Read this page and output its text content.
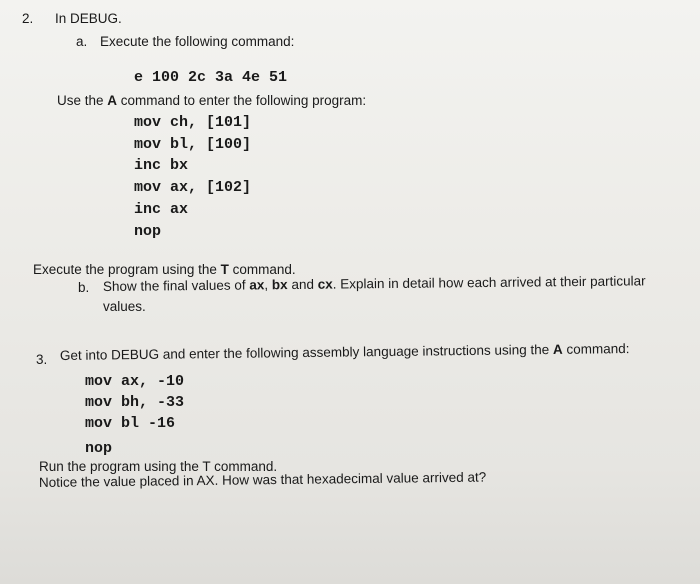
2. In DEBUG.
a. Execute the following command:
e 100 2c 3a 4e 51
Use the A command to enter the following program:
mov ch, [101]
mov bl, [100]
inc bx
mov ax, [102]
inc ax
nop
Execute the program using the T command.
b. Show the final values of ax, bx and cx. Explain in detail how each arrived at their particular
values.
3. Get into DEBUG and enter the following assembly language instructions using the A command:
mov ax, -10
mov bh, -33
mov bl -16
nop
Run the program using the T command.
Notice the value placed in AX. How was that hexadecimal value arrived at?
